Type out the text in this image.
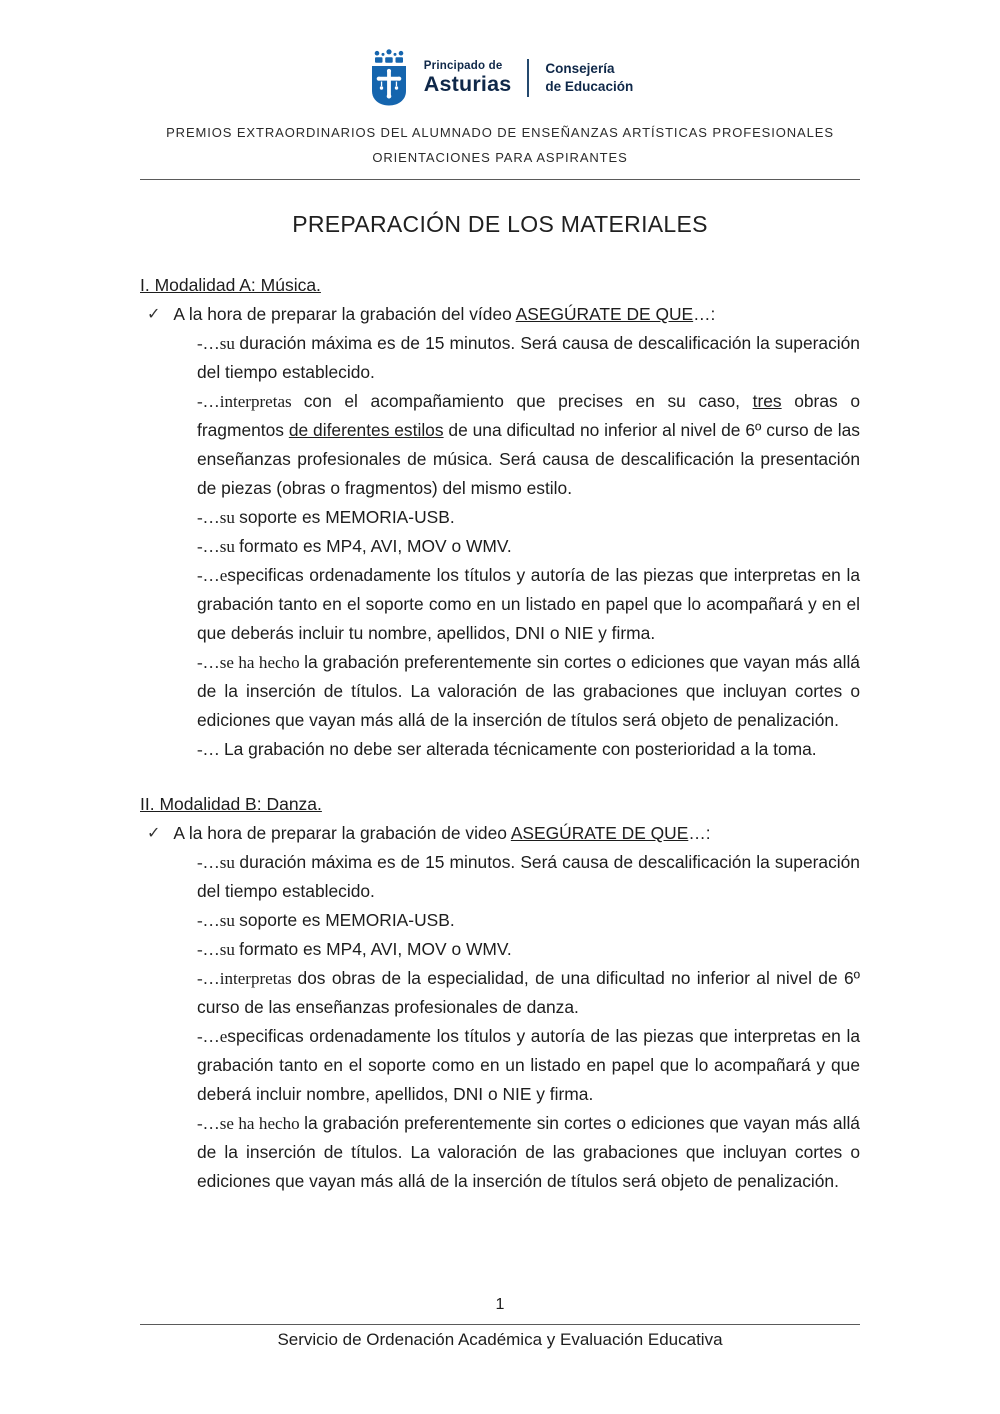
Principado de
Asturias
Consejería
de Educación
PREMIOS EXTRAORDINARIOS DEL ALUMNADO DE ENSEÑANZAS ARTÍSTICAS PROFESIONALES
ORIENTACIONES PARA ASPIRANTES
PREPARACIÓN DE LOS MATERIALES
I. Modalidad A: Música.
✓ A la hora de preparar la grabación del vídeo ASEGÚRATE DE QUE…:

-…su duración máxima es de 15 minutos. Será causa de descalificación la superación del tiempo establecido.

-…interpretas con el acompañamiento que precises en su caso, tres obras o fragmentos de diferentes estilos de una dificultad no inferior al nivel de 6º curso de las enseñanzas profesionales de música. Será causa de descalificación la presentación de piezas (obras o fragmentos) del mismo estilo.

-…su soporte es MEMORIA-USB.

-…su formato es MP4, AVI, MOV o WMV.

-…especificas ordenadamente los títulos y autoría de las piezas que interpretas en la grabación tanto en el soporte como en un listado en papel que lo acompañará y en el que deberás incluir tu nombre, apellidos, DNI o NIE y firma.

-…se ha hecho la grabación preferentemente sin cortes o ediciones que vayan más allá de la inserción de títulos. La valoración de las grabaciones que incluyan cortes o ediciones que vayan más allá de la inserción de títulos será objeto de penalización.

-… La grabación no debe ser alterada técnicamente con posterioridad a la toma.

II. Modalidad B: Danza.
✓ A la hora de preparar la grabación de video ASEGÚRATE DE QUE…:

-…su duración máxima es de 15 minutos. Será causa de descalificación la superación del tiempo establecido.

-…su soporte es MEMORIA-USB.

-…su formato es MP4, AVI, MOV o WMV.

-…interpretas dos obras de la especialidad, de una dificultad no inferior al nivel de 6º curso de las enseñanzas profesionales de danza.

-…especificas ordenadamente los títulos y autoría de las piezas que interpretas en la grabación tanto en el soporte como en un listado en papel que lo acompañará y que deberá incluir nombre, apellidos, DNI o NIE y firma.

-…se ha hecho la grabación preferentemente sin cortes o ediciones que vayan más allá de la inserción de títulos. La valoración de las grabaciones que incluyan cortes o ediciones que vayan más allá de la inserción de títulos será objeto de penalización.

1
Servicio de Ordenación Académica y Evaluación Educativa
